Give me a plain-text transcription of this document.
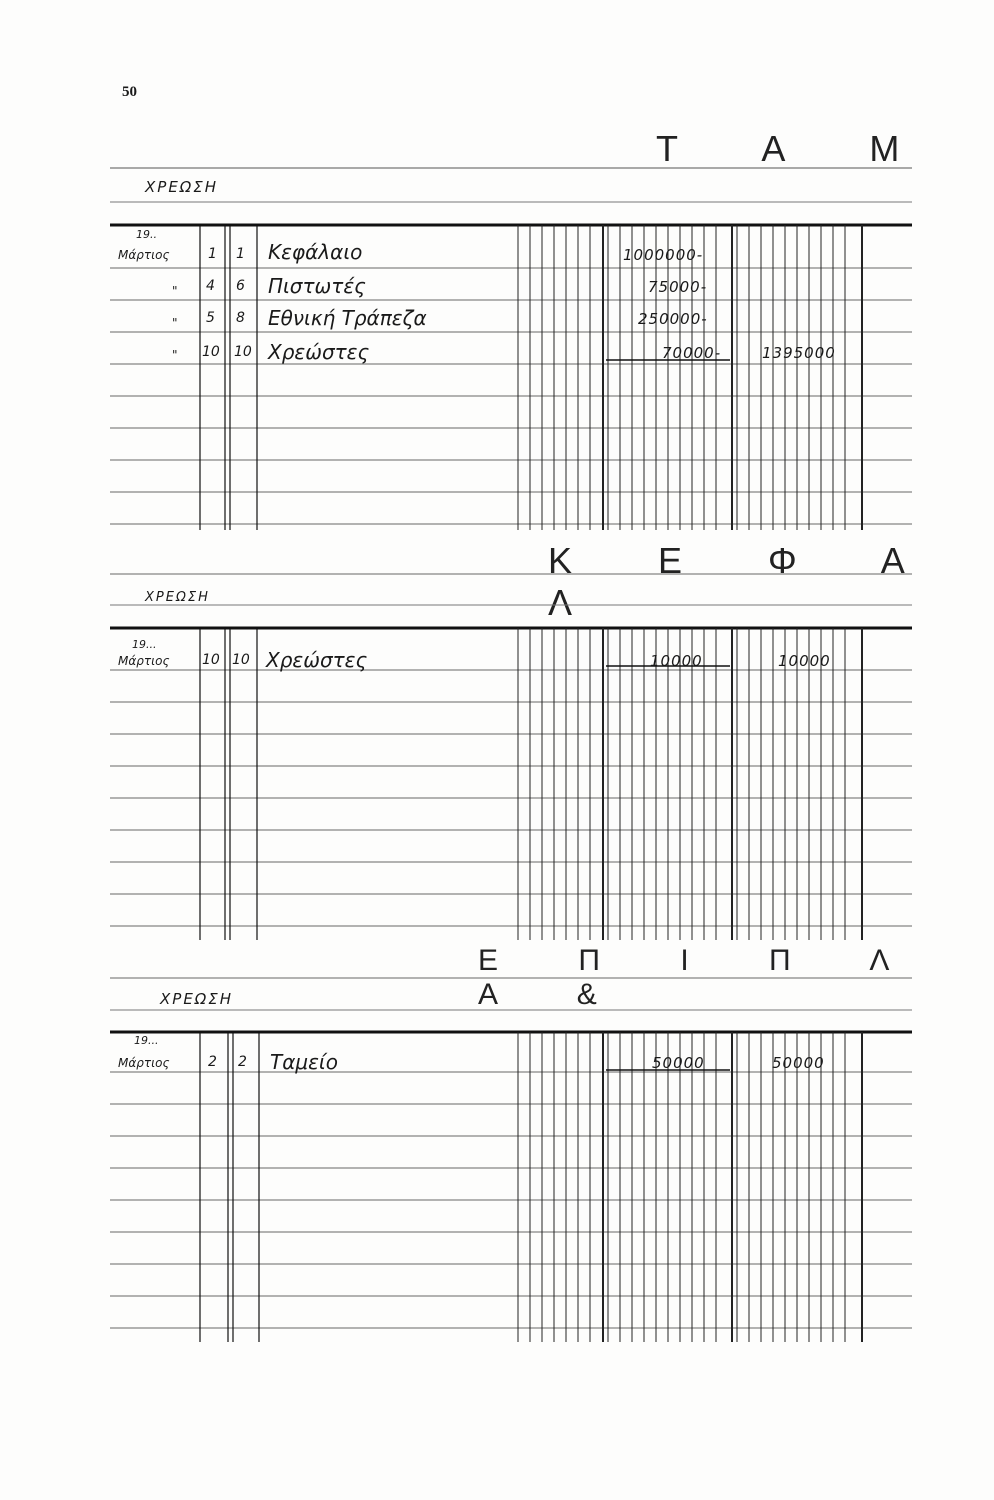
50
Τ Α Μ
ΧΡΕΩΣΗ
19..
Μάρτιος	1 1 Κεφάλαιο	1000000-
" 4 6 Πιστωτές	75000-
" 5 8 Εθνική Τράπεζα	250000-
" 10 10 Χρεώστες	70000-	1395000
Κ Ε Φ Α Λ
ΧΡΕΩΣΗ
19...
Μάρτιος 10 10 Χρεώστες	10000	10000
Ε Π Ι Π Λ Α &
ΧΡΕΩΣΗ
19...
Μάρτιος	2 2 Ταμείο	50000	50000
